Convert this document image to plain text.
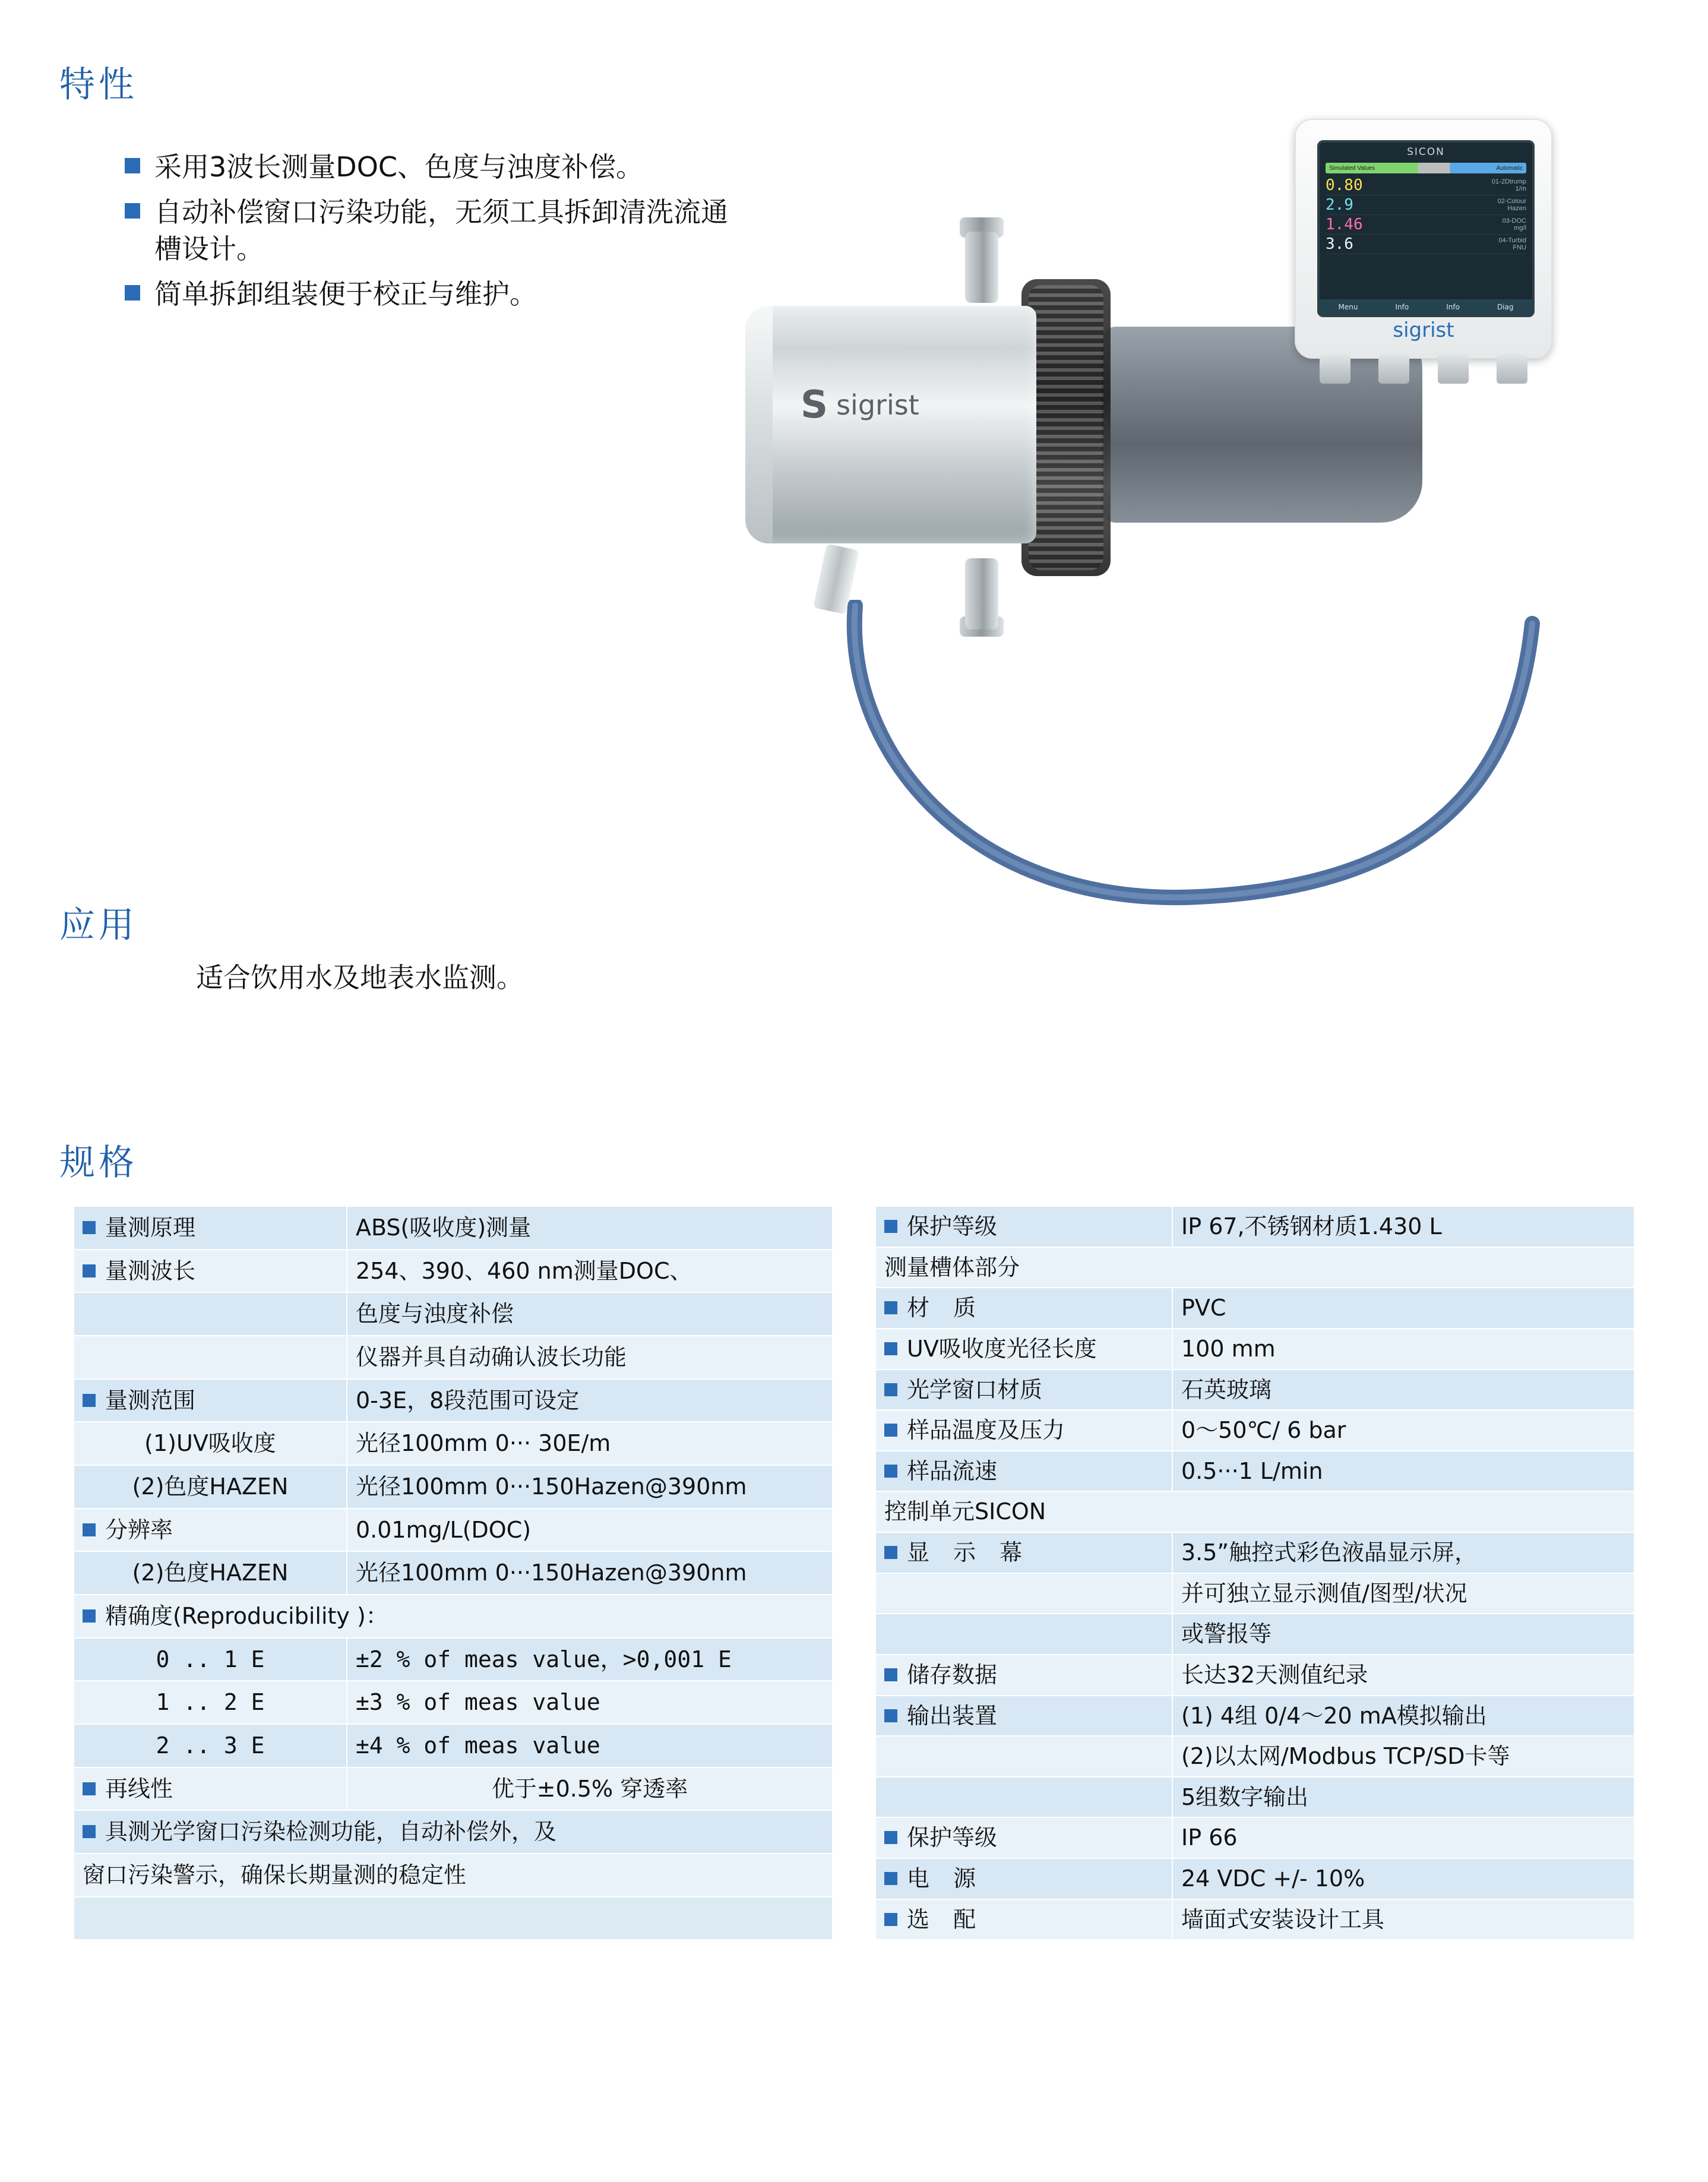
特性
采用3波长测量DOC、色度与浊度补偿。
自动补偿窗口污染功能，无须工具拆卸清洗流通槽设计。
简单拆卸组装便于校正与维护。
S sigrist
SICON
Simulated Values	Automatic
0.80	01-2Dtrump
1/m
2.9	02-Colour
Hazen
1.46	03-DOC
mg/l
3.6	04-Turbid
FNU
Menu	Info	Info	Diag
sigrist
应用
适合饮用水及地表水监测。
规格
量测原理	ABS(吸收度)测量
量测波长	254、390、460 nm测量DOC、
	色度与浊度补偿
	仪器并具自动确认波长功能
量测范围	0-3E，8段范围可设定
(1)UV吸收度	光径100mm 0··· 30E/m
(2)色度HAZEN	光径100mm 0···150Hazen@390nm
分辨率	0.01mg/L(DOC)
(2)色度HAZEN	光径100mm 0···150Hazen@390nm
精确度(Reproducibility )：	
0 .. 1 E	±2 % of meas value，>0,001 E
1 .. 2 E	±3 % of meas value
2 .. 3 E	±4 % of meas value
再线性	优于±0.5% 穿透率
具测光学窗口污染检测功能，自动补偿外，及	
窗口污染警示，确保长期量测的稳定性	

保护等级	IP 67,不锈钢材质1.430 L
测量槽体部分	
材 质	PVC
UV吸收度光径长度	100 mm
光学窗口材质	石英玻璃
样品温度及压力	0～50℃/ 6 bar
样品流速	0.5···1 L/min
控制单元SICON	
显 示 幕	3.5”触控式彩色液晶显示屏，
	并可独立显示测值/图型/状况
	或警报等
储存数据	长达32天测值纪录
输出装置	(1) 4组 0/4～20 mA模拟输出
	(2)以太网/Modbus TCP/SD卡等
	5组数字输出
保护等级	IP 66
电 源	24 VDC +/- 10%
选 配	墙面式安装设计工具
